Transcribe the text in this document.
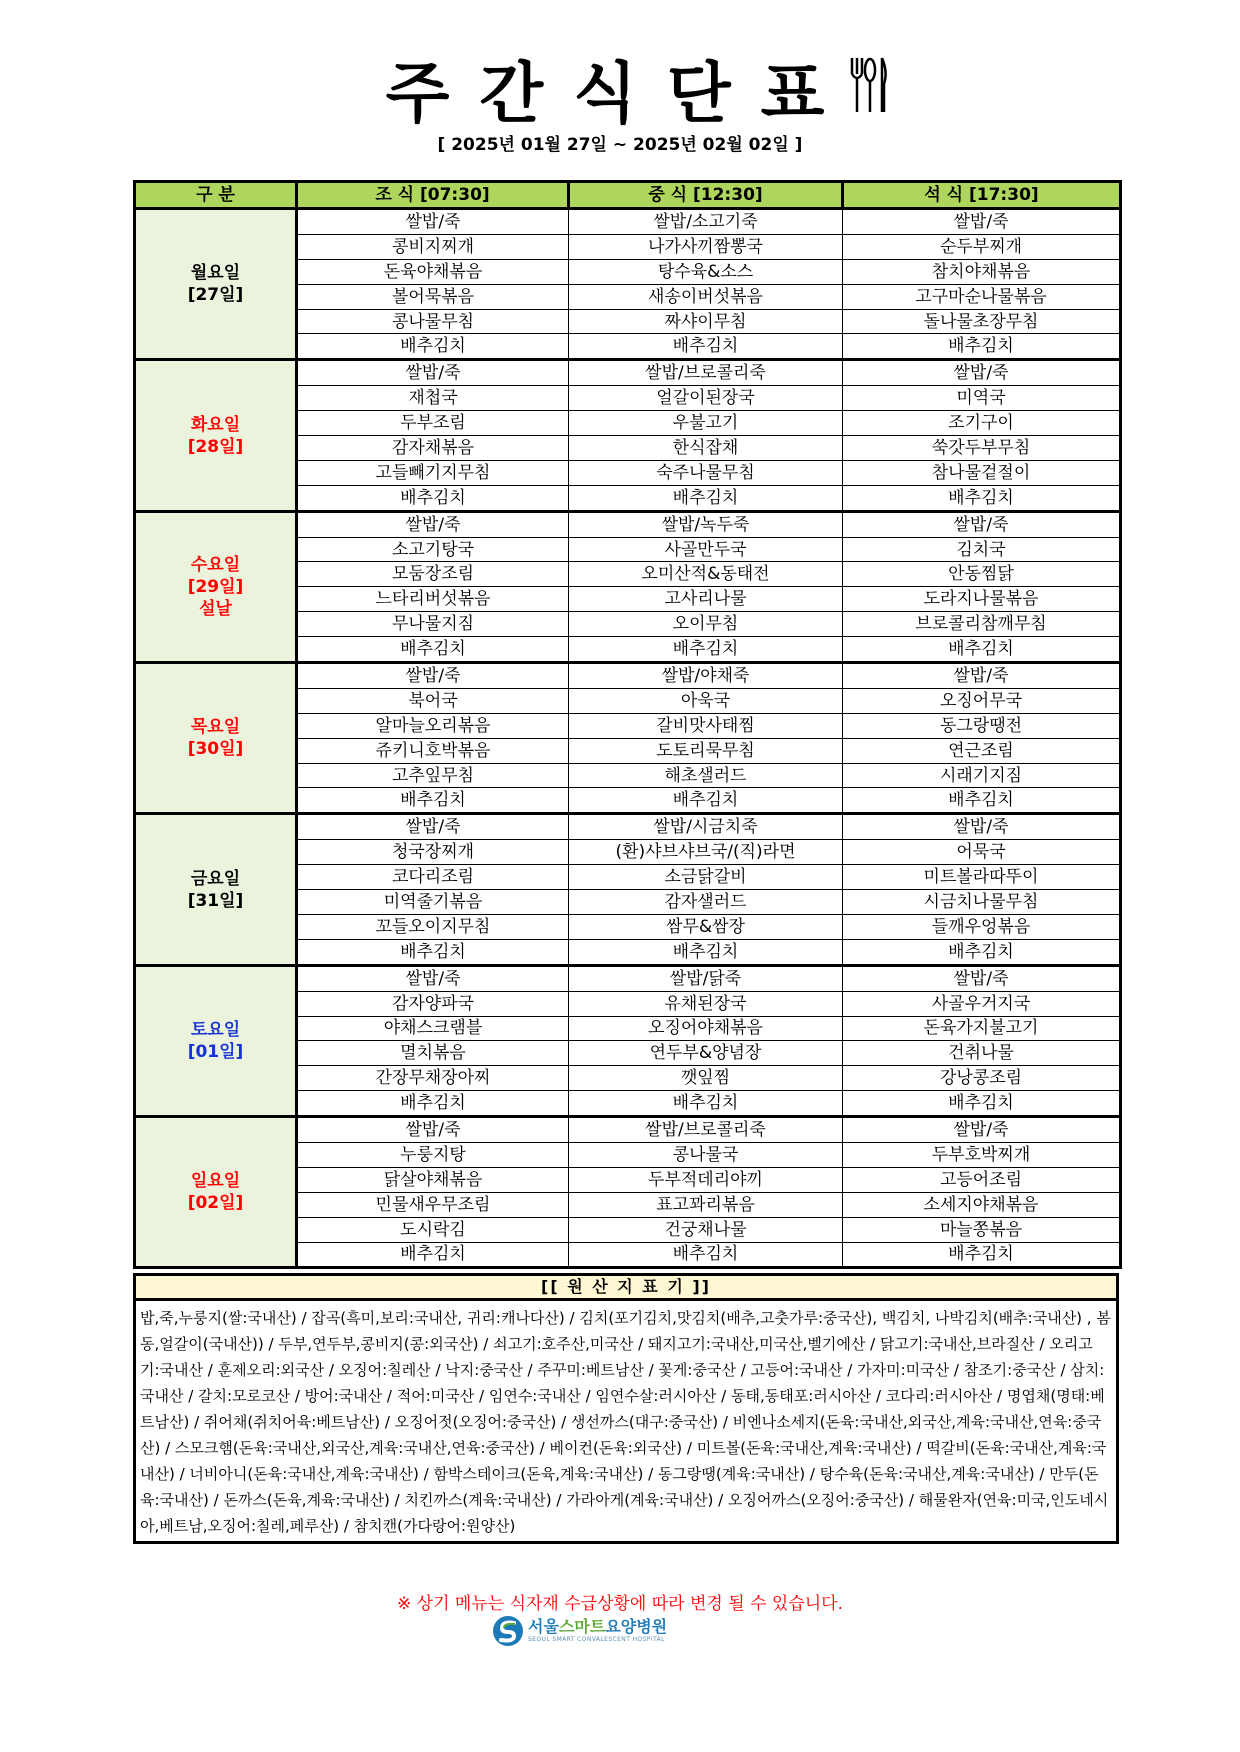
주간식단표
[ 2025년 01월 27일 ~ 2025년 02월 02일 ]
구 분	조 식 [07:30]	중 식 [12:30]	석 식 [17:30]

월요일
[27일]	쌀밥/죽	쌀밥/소고기죽	쌀밥/죽
	콩비지찌개	나가사끼짬뽕국	순두부찌개
	돈육야채볶음	탕수육&소스	참치야채볶음
	볼어묵볶음	새송이버섯볶음	고구마순나물볶음
	콩나물무침	짜샤이무침	돌나물초장무침
	배추김치	배추김치	배추김치

화요일
[28일]	쌀밥/죽	쌀밥/브로콜리죽	쌀밥/죽
	재첩국	얼갈이된장국	미역국
	두부조림	우불고기	조기구이
	감자채볶음	한식잡채	쑥갓두부무침
	고들빼기지무침	숙주나물무침	참나물겉절이
	배추김치	배추김치	배추김치

수요일
[29일]
설날	쌀밥/죽	쌀밥/녹두죽	쌀밥/죽
	소고기탕국	사골만두국	김치국
	모둠장조림	오미산적&동태전	안동찜닭
	느타리버섯볶음	고사리나물	도라지나물볶음
	무나물지짐	오이무침	브로콜리참깨무침
	배추김치	배추김치	배추김치

목요일
[30일]	쌀밥/죽	쌀밥/야채죽	쌀밥/죽
	북어국	아욱국	오징어무국
	알마늘오리볶음	갈비맛사태찜	동그랑땡전
	쥬키니호박볶음	도토리묵무침	연근조림
	고추잎무침	해초샐러드	시래기지짐
	배추김치	배추김치	배추김치

금요일
[31일]	쌀밥/죽	쌀밥/시금치죽	쌀밥/죽
	청국장찌개	(환)샤브샤브국/(직)라면	어묵국
	코다리조림	소금닭갈비	미트볼라따뚜이
	미역줄기볶음	감자샐러드	시금치나물무침
	꼬들오이지무침	쌈무&쌈장	들깨우엉볶음
	배추김치	배추김치	배추김치

토요일
[01일]	쌀밥/죽	쌀밥/닭죽	쌀밥/죽
	감자양파국	유채된장국	사골우거지국
	야채스크램블	오징어야채볶음	돈육가지불고기
	멸치볶음	연두부&양념장	건취나물
	간장무채장아찌	깻잎찜	강낭콩조림
	배추김치	배추김치	배추김치

일요일
[02일]	쌀밥/죽	쌀밥/브로콜리죽	쌀밥/죽
	누룽지탕	콩나물국	두부호박찌개
	닭살야채볶음	두부적데리야끼	고등어조림
	민물새우무조림	표고꽈리볶음	소세지야채볶음
	도시락김	건궁채나물	마늘쫑볶음
	배추김치	배추김치	배추김치
[[ 원 산 지 표 기 ]]
밥,죽,누룽지(쌀:국내산) / 잡곡(흑미,보리:국내산, 귀리:캐나다산) / 김치(포기김치,맛김치(배추,고춧가루:중국산), 백김치, 나박김치(배추:국내산) , 봄동,얼갈이(국내산)) / 두부,연두부,콩비지(콩:외국산) / 쇠고기:호주산,미국산 / 돼지고기:국내산,미국산,벨기에산 / 닭고기:국내산,브라질산 / 오리고기:국내산 / 훈제오리:외국산 / 오징어:칠레산 / 낙지:중국산 / 주꾸미:베트남산 / 꽃게:중국산 / 고등어:국내산 / 가자미:미국산 / 참조기:중국산 / 삼치:국내산 / 갈치:모로코산 / 방어:국내산 / 적어:미국산 / 임연수:국내산 / 임연수살:러시아산 / 동태,동태포:러시아산 / 코다리:러시아산 / 명엽채(명태:베트남산) / 쥐어채(쥐치어육:베트남산) / 오징어젓(오징어:중국산) / 생선까스(대구:중국산) / 비엔나소세지(돈육:국내산,외국산,계육:국내산,연육:중국산) / 스모크햄(돈육:국내산,외국산,계육:국내산,연육:중국산) / 베이컨(돈육:외국산) / 미트볼(돈육:국내산,계육:국내산) / 떡갈비(돈육:국내산,계육:국내산) / 너비아니(돈육:국내산,계육:국내산) / 함박스테이크(돈육,계육:국내산) / 동그랑땡(계육:국내산) / 탕수육(돈육:국내산,계육:국내산) / 만두(돈육:국내산) / 돈까스(돈육,계육:국내산) / 치킨까스(계육:국내산) / 가라아게(계육:국내산) / 오징어까스(오징어:중국산) / 해물완자(연육:미국,인도네시아,베트남,오징어:칠레,페루산) / 참치캔(가다랑어:원양산)
※ 상기 메뉴는 식자재 수급상황에 따라 변경 될 수 있습니다.
서울스마트요양병원
SEOUL SMART CONVALESCENT HOSPITAL
